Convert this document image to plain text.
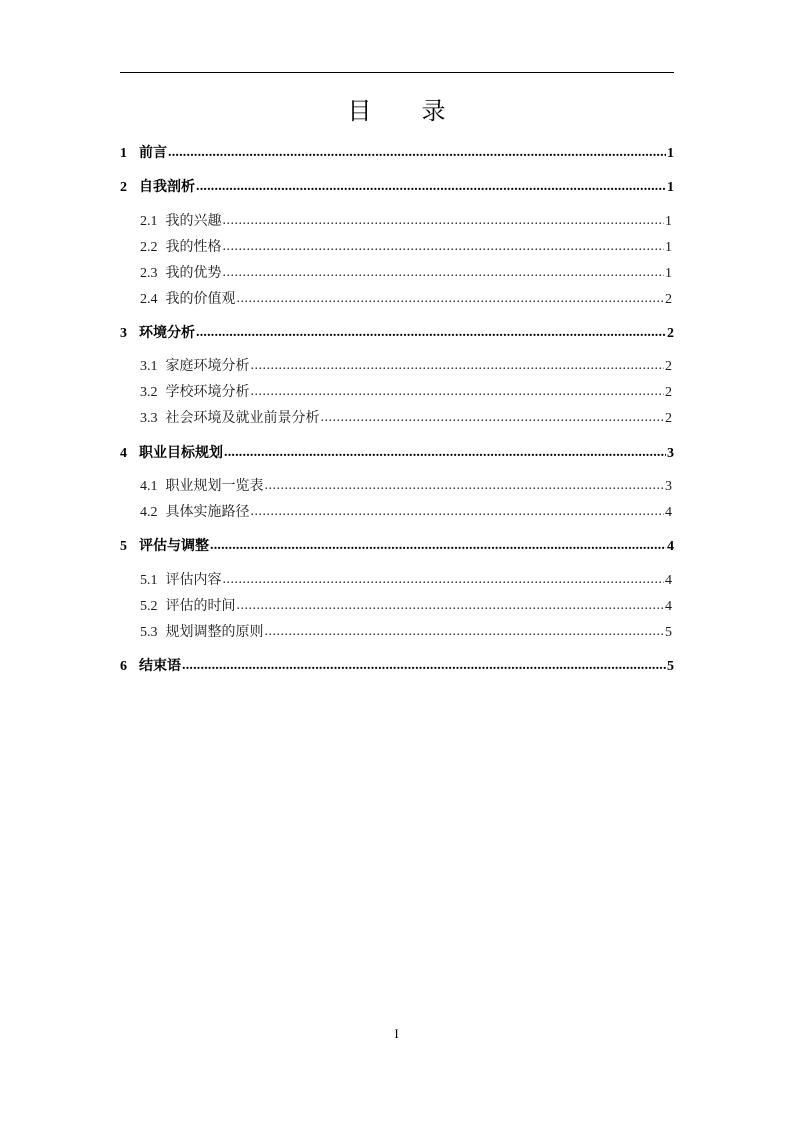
目 录
1 前言 .....	1
2 自我剖析 .....	1
2.1 我的兴趣 .....	1
2.2 我的性格 .....	1
2.3 我的优势 .....	1
2.4 我的价值观 .....	2
3 环境分析 .....	2
3.1 家庭环境分析 .....	2
3.2 学校环境分析 .....	2
3.3 社会环境及就业前景分析 .....	2
4 职业目标规划 .....	3
4.1 职业规划一览表 .....	3
4.2 具体实施路径 .....	4
5 评估与调整 .....	4
5.1 评估内容 .....	4
5.2 评估的时间 .....	4
5.3 规划调整的原则 .....	5
6 结束语 .....	5
I
